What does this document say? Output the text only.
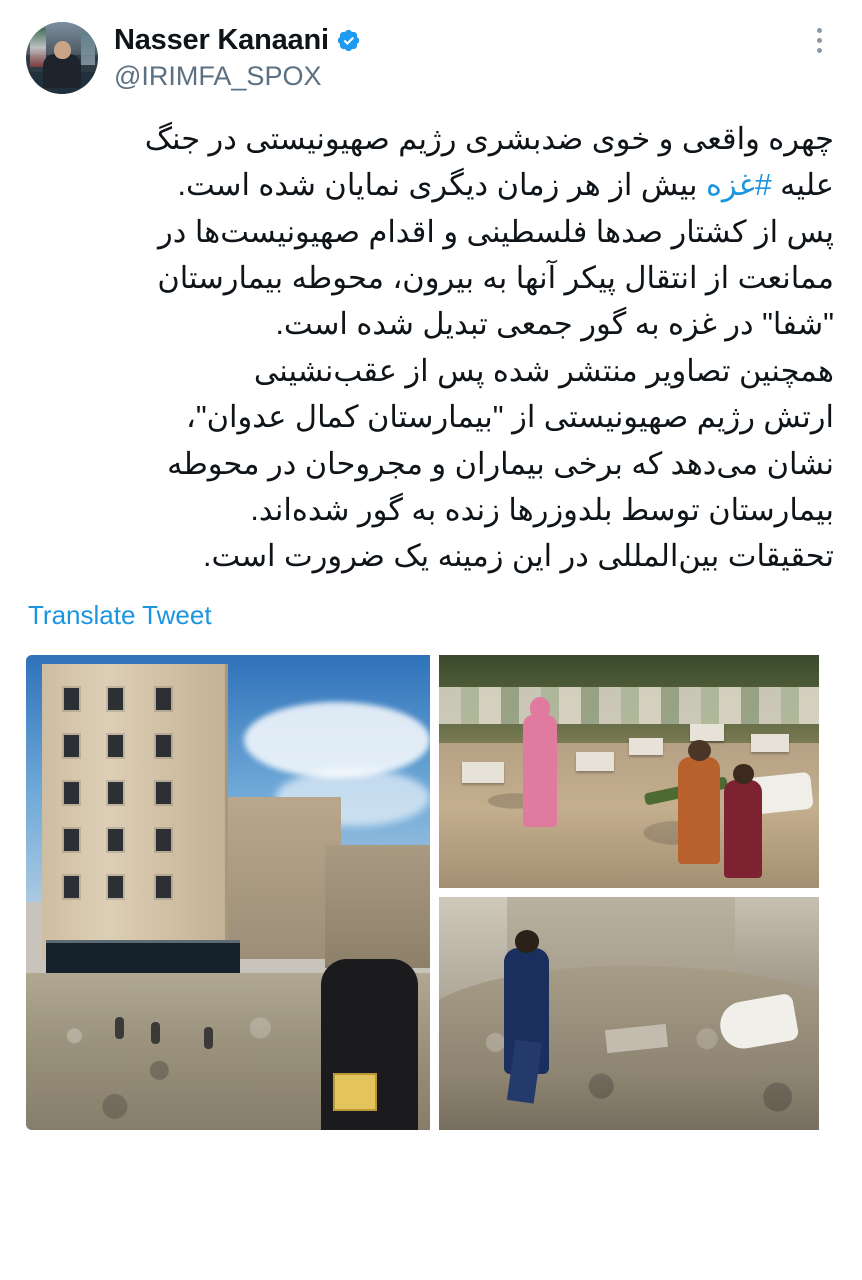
Nasser Kanaani
@IRIMFA_SPOX
چهره واقعی و خوی ضدبشری رژیم صهیونیستی در جنگ
علیه #غزه بیش از هر زمان دیگری نمایان شده است.
پس از کشتار صدها فلسطینی و اقدام صهیونیست‌ها در
ممانعت از انتقال پیکر آنها به بیرون، محوطه بیمارستان
"شفا" در غزه به گور جمعی تبدیل شده است.
همچنین تصاویر منتشر شده پس از عقب‌نشینی
ارتش رژیم صهیونیستی از "بیمارستان کمال عدوان"،
نشان می‌دهد که برخی بیماران و مجروحان در محوطه
بیمارستان توسط بلدوزرها زنده به گور شده‌اند.
تحقیقات بین‌المللی در این زمینه یک ضرورت است.
Translate Tweet
